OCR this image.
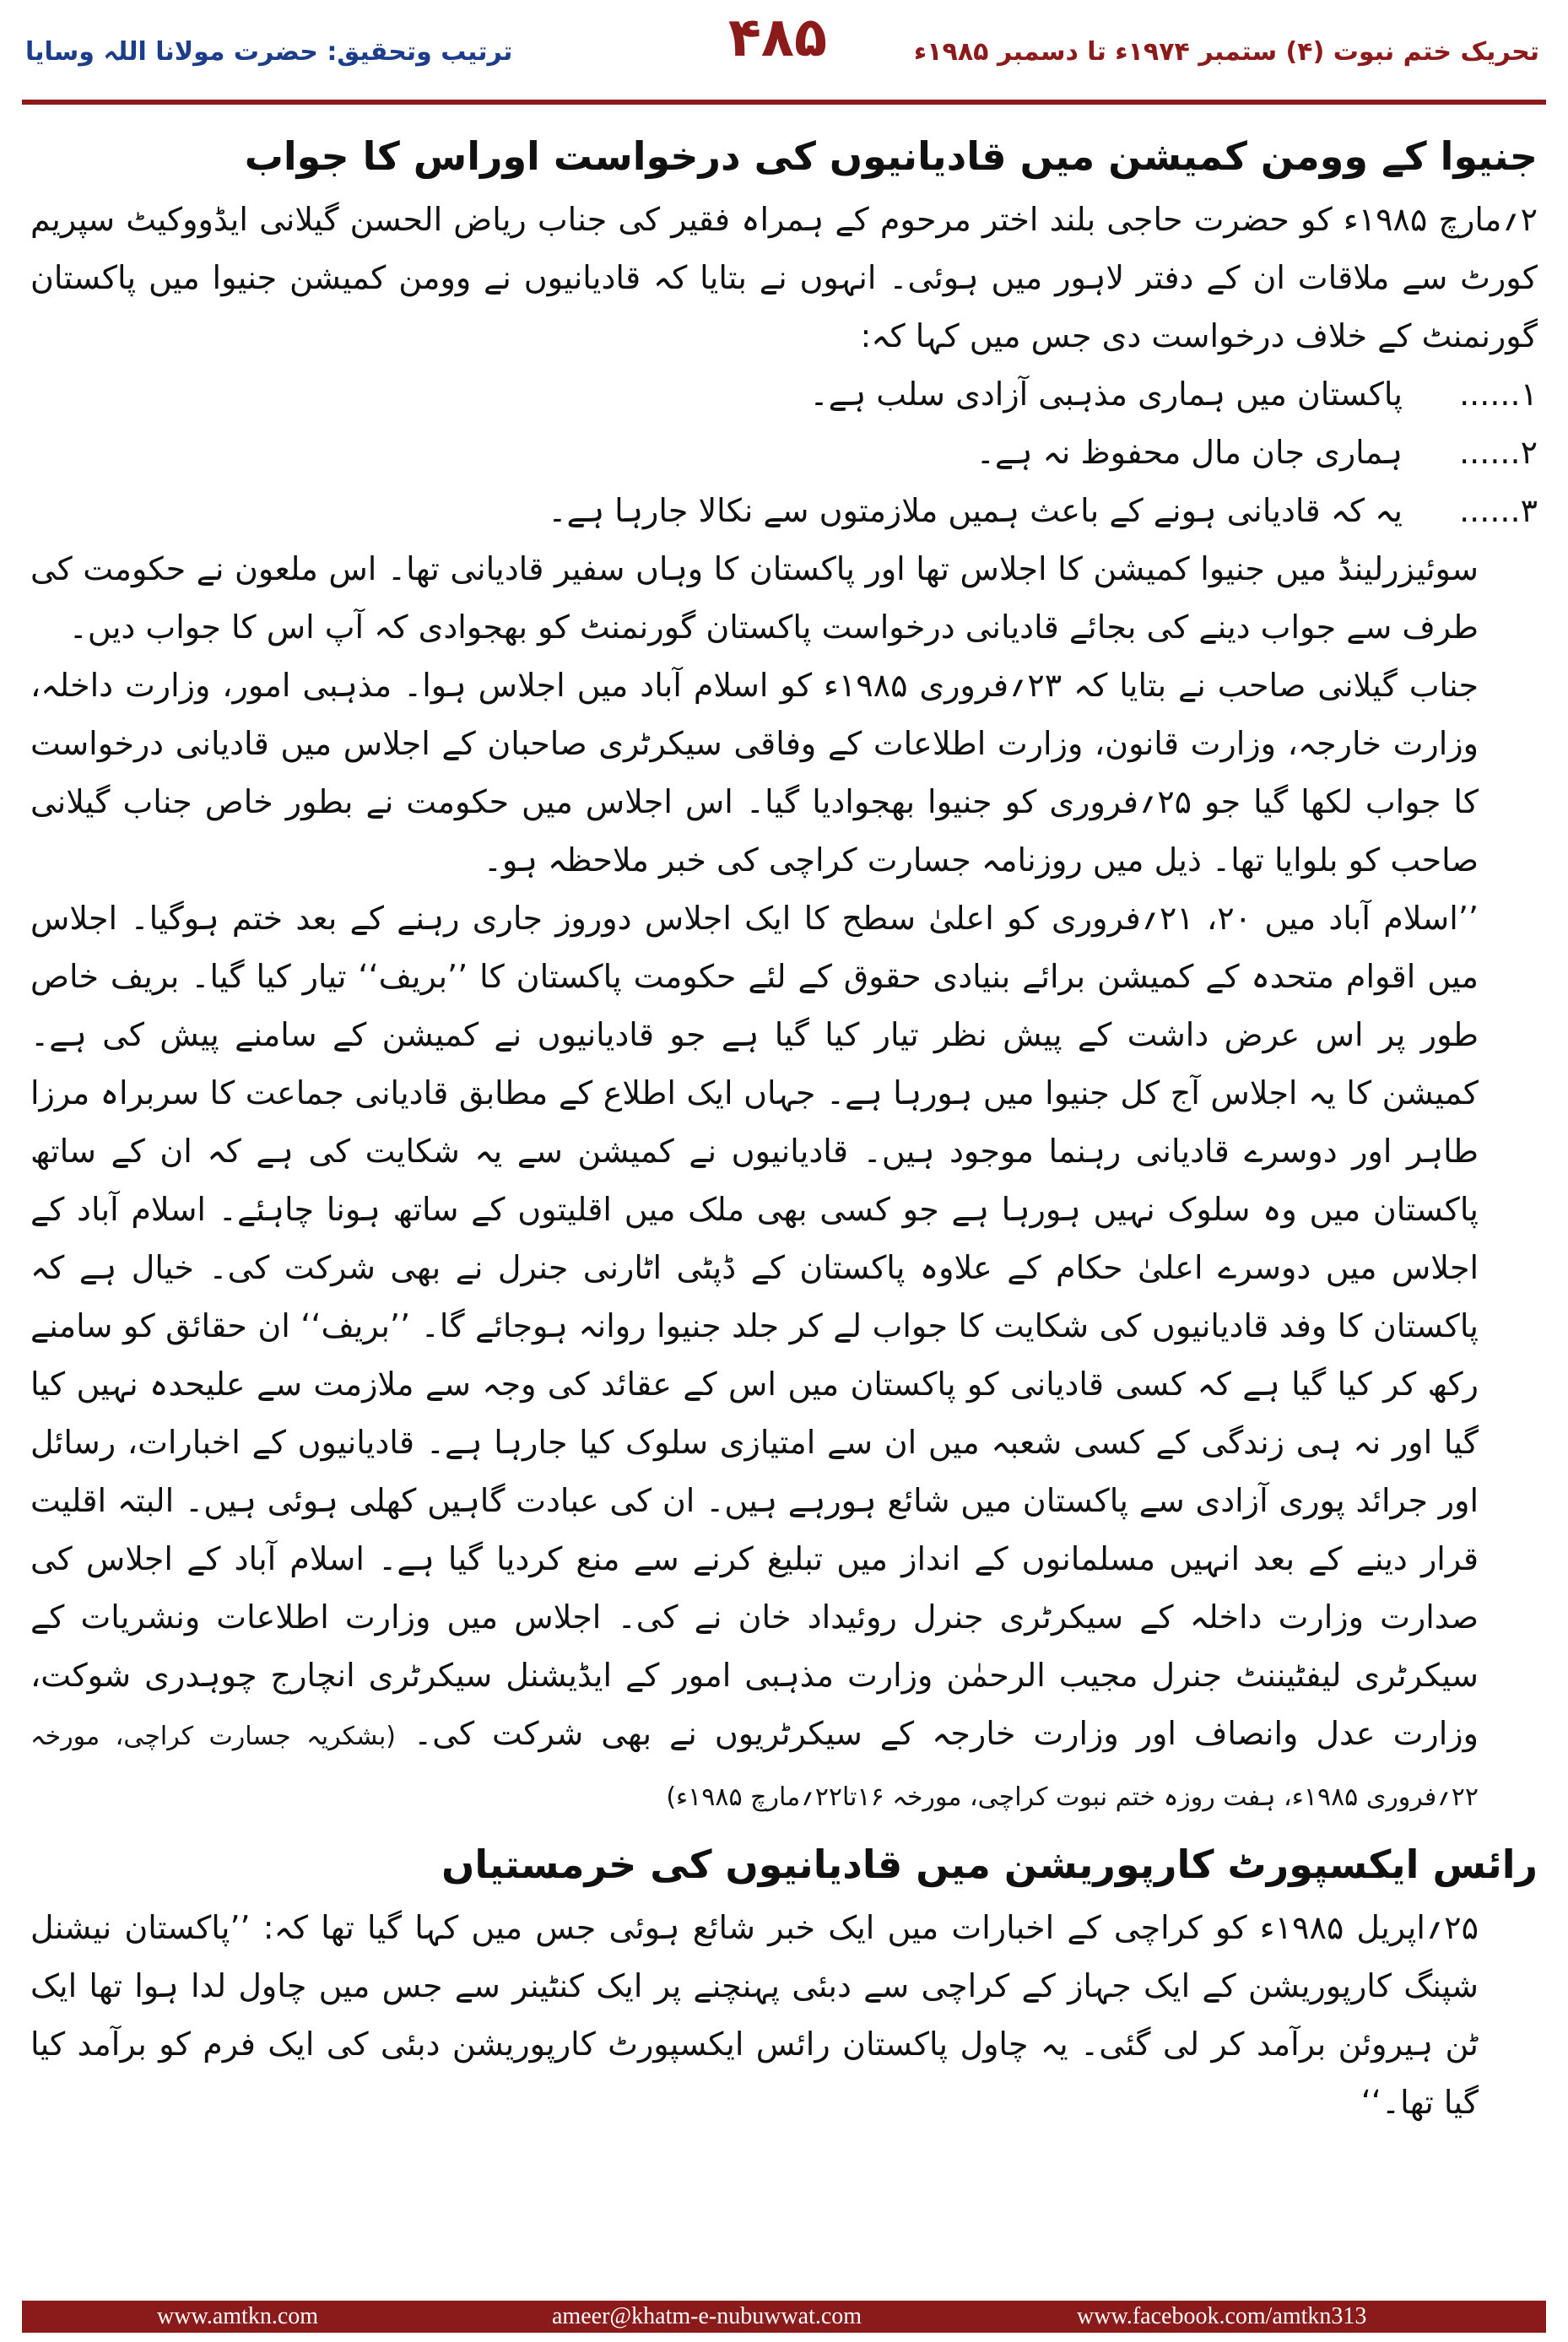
ترتیب وتحقیق: حضرت مولانا اللہ وسایا	۴۸۵	تحریک ختم نبوت (۴) ستمبر ۱۹۷۴ء تا دسمبر ۱۹۸۵ء
جنیوا کے وومن کمیشن میں قادیانیوں کی درخواست اوراس کا جواب

۲؍مارچ ۱۹۸۵ء کو حضرت حاجی بلند اختر مرحوم کے ہمراہ فقیر کی جناب ریاض الحسن گیلانی ایڈووکیٹ سپریم کورٹ سے ملاقات ان کے دفتر لاہور میں ہوئی۔ انہوں نے بتایا کہ قادیانیوں نے وومن کمیشن جنیوا میں پاکستان گورنمنٹ کے خلاف درخواست دی جس میں کہا کہ:

۱......
پاکستان میں ہماری مذہبی آزادی سلب ہے۔
۲......
ہماری جان مال محفوظ نہ ہے۔
۳......
یہ کہ قادیانی ہونے کے باعث ہمیں ملازمتوں سے نکالا جارہا ہے۔

سوئیزرلینڈ میں جنیوا کمیشن کا اجلاس تھا اور پاکستان کا وہاں سفیر قادیانی تھا۔ اس ملعون نے حکومت کی طرف سے جواب دینے کی بجائے قادیانی درخواست پاکستان گورنمنٹ کو بھجوادی کہ آپ اس کا جواب دیں۔

جناب گیلانی صاحب نے بتایا کہ ۲۳؍فروری ۱۹۸۵ء کو اسلام آباد میں اجلاس ہوا۔ مذہبی امور، وزارت داخلہ، وزارت خارجہ، وزارت قانون، وزارت اطلاعات کے وفاقی سیکرٹری صاحبان کے اجلاس میں قادیانی درخواست کا جواب لکھا گیا جو ۲۵؍فروری کو جنیوا بھجوادیا گیا۔ اس اجلاس میں حکومت نے بطور خاص جناب گیلانی صاحب کو بلوایا تھا۔ ذیل میں روزنامہ جسارت کراچی کی خبر ملاحظہ ہو۔

’’اسلام آباد میں ۲۰، ۲۱؍فروری کو اعلیٰ سطح کا ایک اجلاس دوروز جاری رہنے کے بعد ختم ہوگیا۔ اجلاس میں اقوام متحدہ کے کمیشن برائے بنیادی حقوق کے لئے حکومت پاکستان کا ’’بریف‘‘ تیار کیا گیا۔ بریف خاص طور پر اس عرض داشت کے پیش نظر تیار کیا گیا ہے جو قادیانیوں نے کمیشن کے سامنے پیش کی ہے۔ کمیشن کا یہ اجلاس آج کل جنیوا میں ہورہا ہے۔ جہاں ایک اطلاع کے مطابق قادیانی جماعت کا سربراہ مرزا طاہر اور دوسرے قادیانی رہنما موجود ہیں۔ قادیانیوں نے کمیشن سے یہ شکایت کی ہے کہ ان کے ساتھ پاکستان میں وہ سلوک نہیں ہورہا ہے جو کسی بھی ملک میں اقلیتوں کے ساتھ ہونا چاہئے۔ اسلام آباد کے اجلاس میں دوسرے اعلیٰ حکام کے علاوہ پاکستان کے ڈپٹی اٹارنی جنرل نے بھی شرکت کی۔ خیال ہے کہ پاکستان کا وفد قادیانیوں کی شکایت کا جواب لے کر جلد جنیوا روانہ ہوجائے گا۔ ’’بریف‘‘ ان حقائق کو سامنے رکھ کر کیا گیا ہے کہ کسی قادیانی کو پاکستان میں اس کے عقائد کی وجہ سے ملازمت سے علیحدہ نہیں کیا گیا اور نہ ہی زندگی کے کسی شعبہ میں ان سے امتیازی سلوک کیا جارہا ہے۔ قادیانیوں کے اخبارات، رسائل اور جرائد پوری آزادی سے پاکستان میں شائع ہورہے ہیں۔ ان کی عبادت گاہیں کھلی ہوئی ہیں۔ البتہ اقلیت قرار دینے کے بعد انہیں مسلمانوں کے انداز میں تبلیغ کرنے سے منع کردیا گیا ہے۔ اسلام آباد کے اجلاس کی صدارت وزارت داخلہ کے سیکرٹری جنرل روئیداد خان نے کی۔ اجلاس میں وزارت اطلاعات ونشریات کے سیکرٹری لیفٹیننٹ جنرل مجیب الرحمٰن وزارت مذہبی امور کے ایڈیشنل سیکرٹری انچارج چوہدری شوکت، وزارت عدل وانصاف اور وزارت خارجہ کے سیکرٹریوں نے بھی شرکت کی۔ (بشکریہ جسارت کراچی، مورخہ ۲۲؍فروری ۱۹۸۵ء، ہفت روزہ ختم نبوت کراچی، مورخہ ۱۶تا۲۲؍مارچ ۱۹۸۵ء)

رائس ایکسپورٹ کارپوریشن میں قادیانیوں کی خرمستیاں

۲۵؍اپریل ۱۹۸۵ء کو کراچی کے اخبارات میں ایک خبر شائع ہوئی جس میں کہا گیا تھا کہ: ’’پاکستان نیشنل شپنگ کارپوریشن کے ایک جہاز کے کراچی سے دبئی پہنچنے پر ایک کنٹینر سے جس میں چاول لدا ہوا تھا ایک ٹن ہیروئن برآمد کر لی گئی۔ یہ چاول پاکستان رائس ایکسپورٹ کارپوریشن دبئی کی ایک فرم کو برآمد کیا گیا تھا۔‘‘

www.amtkn.com	ameer@khatm-e-nubuwwat.com	www.facebook.com/amtkn313
